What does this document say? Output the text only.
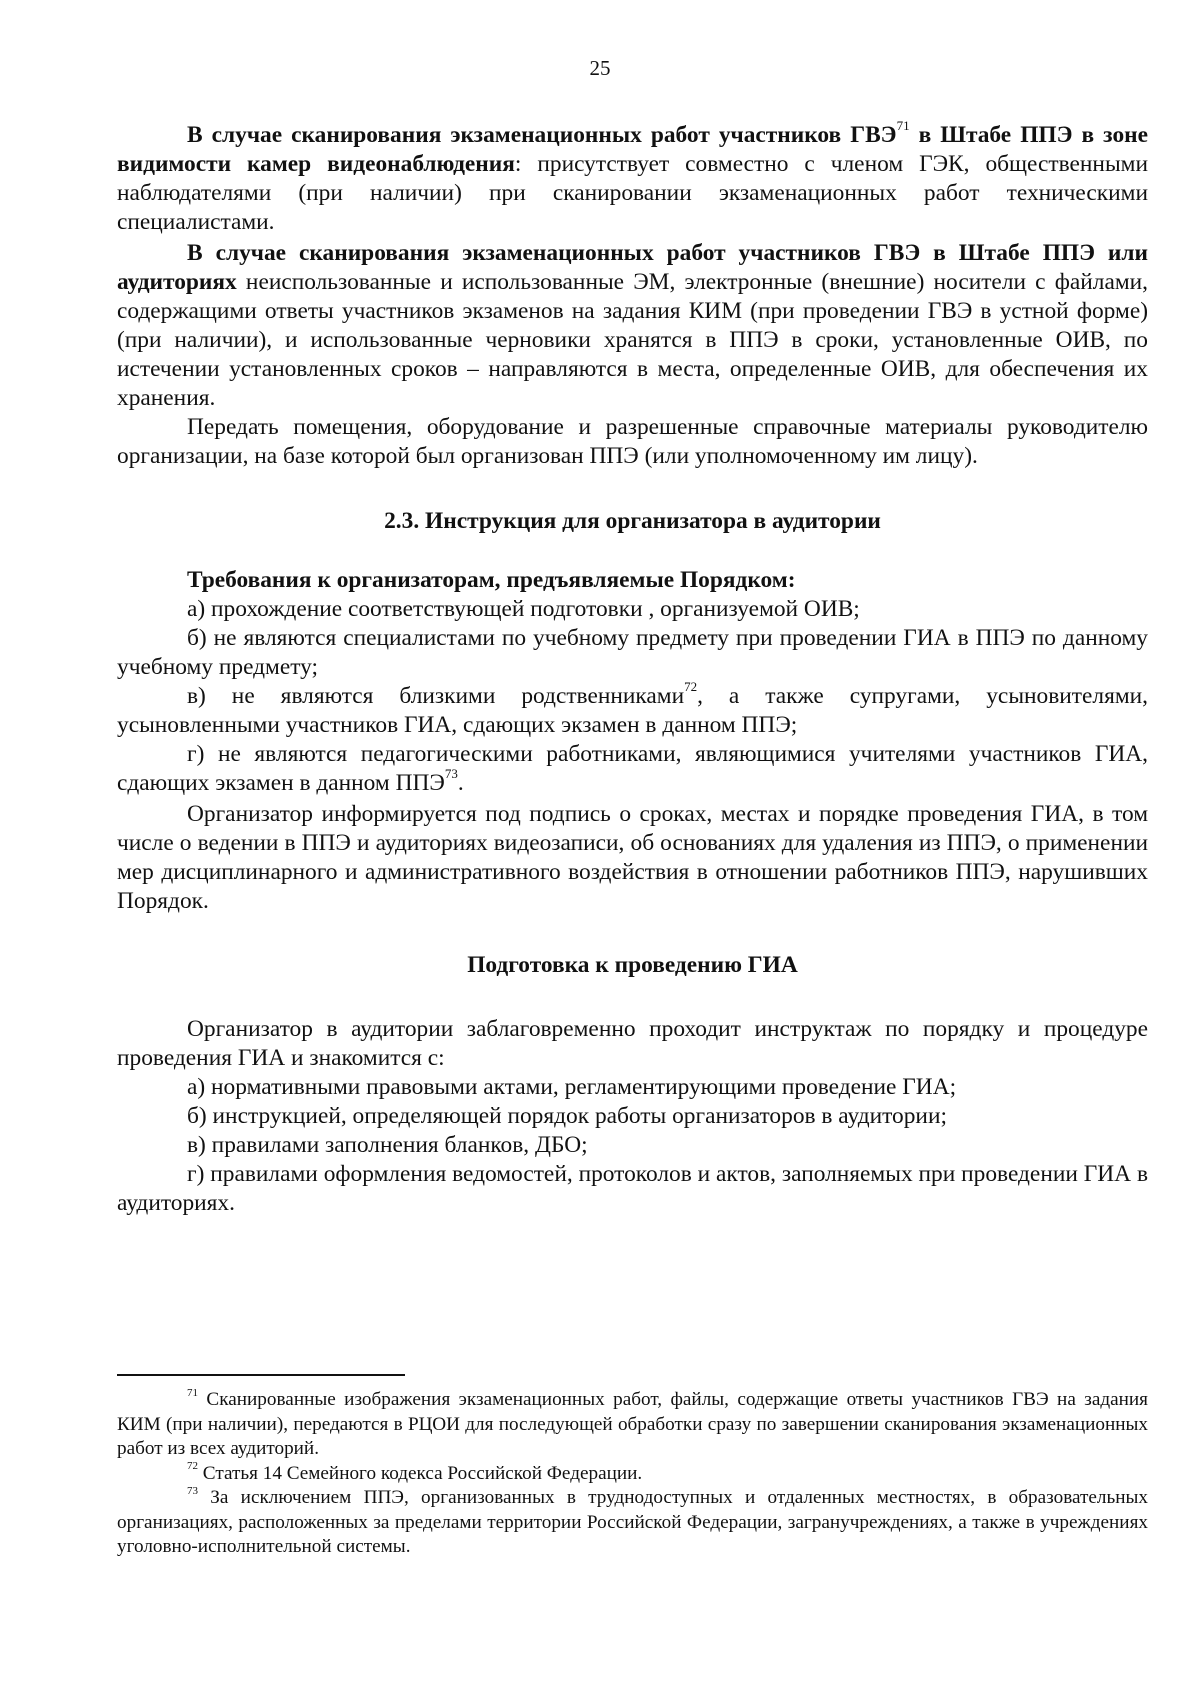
25

В случае сканирования экзаменационных работ участников ГВЭ$^{71}$ в Штабе ППЭ в зоне видимости камер видеонаблюдения: присутствует совместно с членом ГЭК, общественными наблюдателями (при наличии) при сканировании экзаменационных работ техническими специалистами.

В случае сканирования экзаменационных работ участников ГВЭ в Штабе ППЭ или аудиториях неиспользованные и использованные ЭМ, электронные (внешние) носители с файлами, содержащими ответы участников экзаменов на задания КИМ (при проведении ГВЭ в устной форме) (при наличии), и использованные черновики хранятся в ППЭ в сроки, установленные ОИВ, по истечении установленных сроков – направляются в места, определенные ОИВ, для обеспечения их хранения.

Передать помещения, оборудование и разрешенные справочные материалы руководителю организации, на базе которой был организован ППЭ (или уполномоченному им лицу).

2.3. Инструкция для организатора в аудитории

Требования к организаторам, предъявляемые Порядком:

а) прохождение соответствующей подготовки , организуемой ОИВ;

б) не являются специалистами по учебному предмету при проведении ГИА в ППЭ по данному учебному предмету;

в) не являются близкими родственниками$^{72}$, а также супругами, усыновителями, усыновленными участников ГИА, сдающих экзамен в данном ППЭ;

г) не являются педагогическими работниками, являющимися учителями участников ГИА, сдающих экзамен в данном ППЭ$^{73}$.

Организатор информируется под подпись о сроках, местах и порядке проведения ГИА, в том числе о ведении в ППЭ и аудиториях видеозаписи, об основаниях для удаления из ППЭ, о применении мер дисциплинарного и административного воздействия в отношении работников ППЭ, нарушивших Порядок.

Подготовка к проведению ГИА

Организатор в аудитории заблаговременно проходит инструктаж по порядку и процедуре проведения ГИА и знакомится с:

а) нормативными правовыми актами, регламентирующими проведение ГИА;

б) инструкцией, определяющей порядок работы организаторов в аудитории;

в) правилами заполнения бланков, ДБО;

г) правилами оформления ведомостей, протоколов и актов, заполняемых при проведении ГИА в аудиториях.

$^{71}$ Сканированные изображения экзаменационных работ, файлы, содержащие ответы участников ГВЭ на задания КИМ (при наличии), передаются в РЦОИ для последующей обработки сразу по завершении сканирования экзаменационных работ из всех аудиторий.

$^{72}$ Статья 14 Семейного кодекса Российской Федерации.

$^{73}$ За исключением ППЭ, организованных в труднодоступных и отдаленных местностях, в образовательных организациях, расположенных за пределами территории Российской Федерации, загранучреждениях, а также в учреждениях уголовно-исполнительной системы.
